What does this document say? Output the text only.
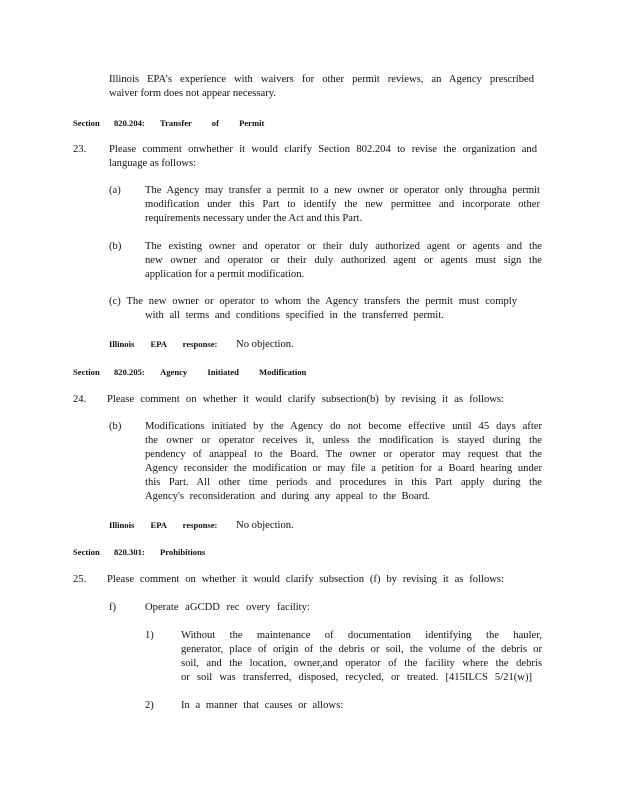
Illinois EPA’s experience with waivers for other permit reviews, an Agency prescribed
waiver form does not appear necessary.
Section 820.204: Transfer of Permit
23. Please comment onwhether it would clarify Section 802.204 to revise the organization and
language as follows:
(a) The Agency may transfer a permit to a new owner or operator only througha permit
modification under this Part to identify the new permittee and incorporate other
requirements necessary under the Act and this Part.
(b) The existing owner and operator or their duly authorized agent or agents and the
new owner and operator or their duly authorized agent or agents must sign the
application for a permit modification.
(c) The new owner or operator to whom the Agency transfers the permit must comply
with all terms and conditions specified in the transferred permit.
Illinois EPA response: No objection.
Section 820.205: Agency Initiated Modification
24. Please comment on whether it would clarify subsection(b) by revising it as follows:
(b) Modifications initiated by the Agency do not become effective until 45 days after
the owner or operator receives it, unless the modification is stayed during the
pendency of anappeal to the Board. The owner or operator may request that the
Agency reconsider the modification or may file a petition for a Board hearing under
this Part. All other time periods and procedures in this Part apply during the
Agency's reconsideration and during any appeal to the Board.
Illinois EPA response: No objection.
Section 820.301: Prohibitions
25. Please comment on whether it would clarify subsection (f) by revising it as follows:
f)	Operate aGCDD rec overy facility:
1)	Without the maintenance of documentation identifying the hauler,
generator, place of origin of the debris or soil, the volume of the debris or
soil, and the location, owner,and operator of the facility where the debris
or soil was transferred, disposed, recycled, or treated. [415ILCS 5/21(w)]
2)	In a manner that causes or allows:
